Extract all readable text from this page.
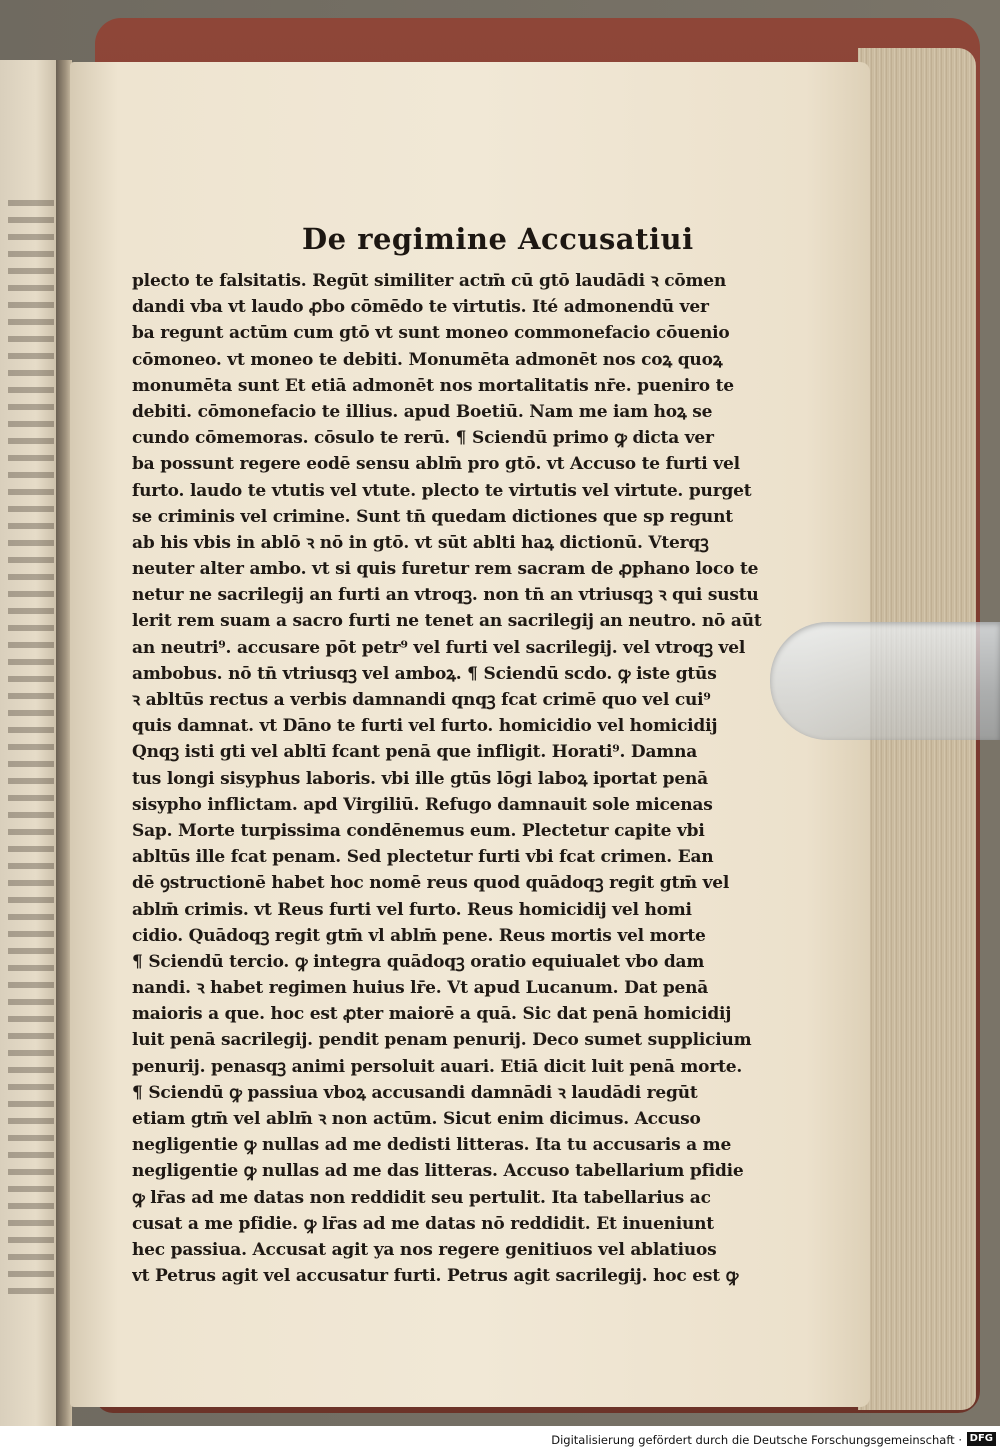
De regimine Accusatiui
plecto te falsitatis. Regūt similiter actm̄ cū gtō laudādi ꝛ cōmen
dandi vba vt laudo ꝓbo cōmēdo te virtutis. Ité admonendū ver
ba regunt actūm cum gtō vt sunt moneo commonefacio cōuenio
cōmoneo. vt moneo te debiti. Monumēta admonēt nos coꝝ quoꝝ
monumēta sunt Et etiā admonēt nos mortalitatis nr̄e. pueniro te
debiti. cōmonefacio te illius. apud Boetiū. Nam me iam hoꝝ se
cundo cōmemoras. cōsulo te rerū. ¶ Sciendū primo ꝙ dicta ver
ba possunt regere eodē sensu ablm̄ pro gtō. vt Accuso te furti vel
furto. laudo te vtutis vel vtute. plecto te virtutis vel virtute. purget
se criminis vel crimine. Sunt tn̄ quedam dictiones que sp regunt
ab his vbis in ablō ꝛ nō in gtō. vt sūt ablti haꝝ dictionū. Vterqꝫ
neuter alter ambo. vt si quis furetur rem sacram de ꝓphano loco te
netur ne sacrilegij an furti an vtroqꝫ. non tn̄ an vtriusqꝫ ꝛ qui sustu
lerit rem suam a sacro furti ne tenet an sacrilegij an neutro. nō aūt
an neutri⁹. accusare pōt petr⁹ vel furti vel sacrilegij. vel vtroqꝫ vel
ambobus. nō tn̄ vtriusqꝫ vel amboꝝ. ¶ Sciendū scdo. ꝙ iste gtūs
ꝛ abltūs rectus a verbis damnandi qnqꝫ fcat crimē quo vel cui⁹
quis damnat. vt Dāno te furti vel furto. homicidio vel homicidij
Qnqꝫ isti gti vel abltī fcant penā que infligit. Horati⁹. Damna
tus longi sisyphus laboris. vbi ille gtūs lōgi laboꝝ iportat penā
sisypho inflictam. apd Virgiliū. Refugo damnauit sole micenas
Sap. Morte turpissima condēnemus eum. Plectetur capite vbi
abltūs ille fcat penam. Sed plectetur furti vbi fcat crimen. Ean
dē ꝯstructionē habet hoc nomē reus quod quādoqꝫ regit gtm̄ vel
ablm̄ crimis. vt Reus furti vel furto. Reus homicidij vel homi
cidio. Quādoqꝫ regit gtm̄ vl ablm̄ pene. Reus mortis vel morte
¶ Sciendū tercio. ꝙ integra quādoqꝫ oratio equiualet vbo dam
nandi. ꝛ habet regimen huius lr̄e. Vt apud Lucanum. Dat penā
maioris a que. hoc est ꝓter maiorē a quā. Sic dat penā homicidij
luit penā sacrilegij. pendit penam penurij. Deco sumet supplicium
penurij. penasqꝫ animi persoluit auari. Etiā dicit luit penā morte.
¶ Sciendū ꝙ passiua vboꝝ accusandi damnādi ꝛ laudādi regūt
etiam gtm̄ vel ablm̄ ꝛ non actūm. Sicut enim dicimus. Accuso
negligentie ꝙ nullas ad me dedisti litteras. Ita tu accusaris a me
negligentie ꝙ nullas ad me das litteras. Accuso tabellarium pfidie
ꝙ lr̄as ad me datas non reddidit seu pertulit. Ita tabellarius ac
cusat a me pfidie. ꝙ lr̄as ad me datas nō reddidit. Et inueniunt
hec passiua. Accusat agit ya nos regere genitiuos vel ablatiuos
vt Petrus agit vel accusatur furti. Petrus agit sacrilegij. hoc est ꝙ
Digitalisierung gefördert durch die Deutsche Forschungsgemeinschaft · DFG
